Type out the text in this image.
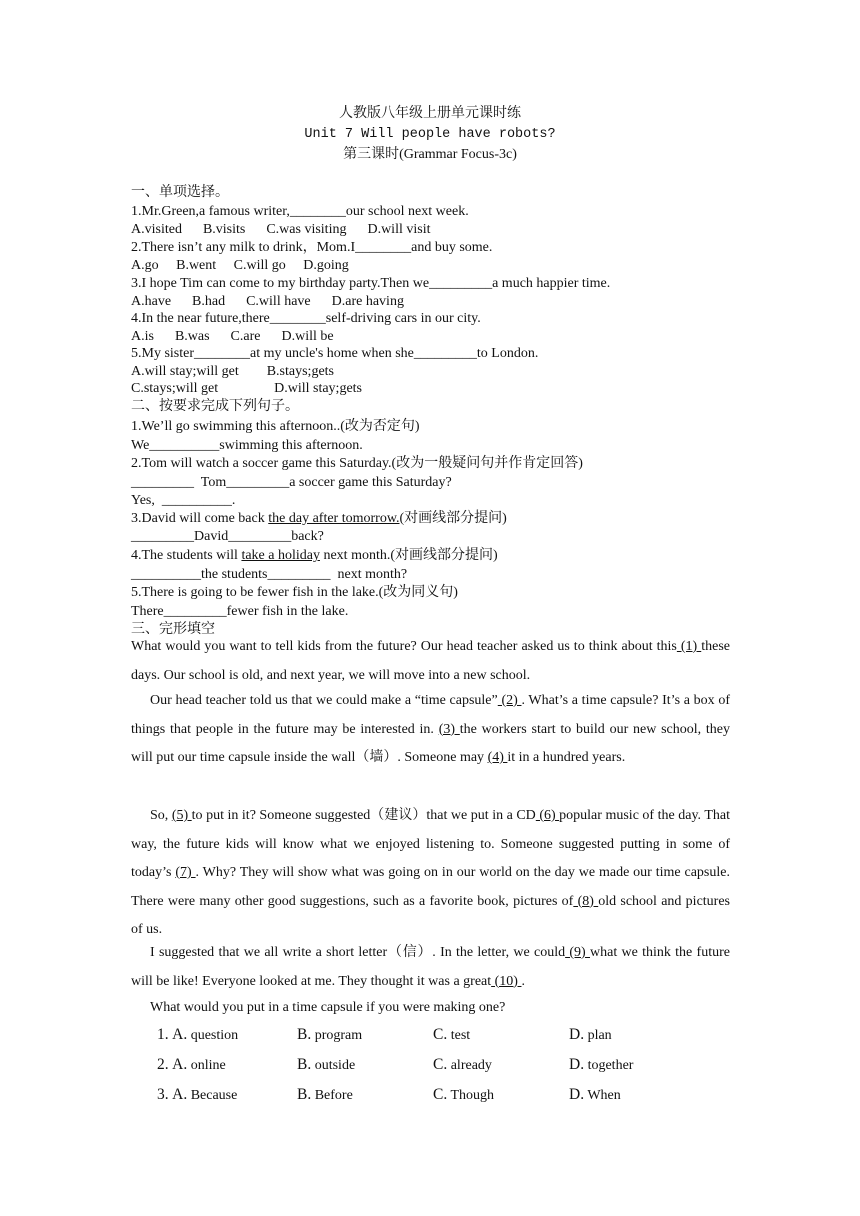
人教版八年级上册单元课时练
Unit 7 Will people have robots?
第三课时(Grammar Focus-3c)
一、单项选择。
1.Mr.Green,a famous writer,________our school next week.
A.visited      B.visits      C.was visiting      D.will visit
2.There isn’t any milk to drink，Mom.I________and buy some.
A.go     B.went     C.will go     D.going
3.I hope Tim can come to my birthday party.Then we_________a much happier time.
A.have      B.had      C.will have      D.are having
4.In the near future,there________self-driving cars in our city.
A.is      B.was      C.are      D.will be
5.My sister________at my uncle's home when she_________to London.
A.will stay;will get        B.stays;gets
C.stays;will get                D.will stay;gets
二、按要求完成下列句子。
1.We’ll go swimming this afternoon..(改为否定句)
We__________swimming this afternoon.
2.Tom will watch a soccer game this Saturday.(改为一般疑问句并作肯定回答)
_________  Tom_________a soccer game this Saturday?
Yes,  __________.
3.David will come back the day after tomorrow.(对画线部分提问)
_________David_________back?
4.The students will take a holiday next month.(对画线部分提问)
__________the students_________  next month?
5.There is going to be fewer fish in the lake.(改为同义句)
There_________fewer fish in the lake.
三、完形填空
What would you want to tell kids from the future? Our head teacher asked us to think about this (1) these days. Our school is old, and next year, we will move into a new school.
Our head teacher told us that we could make a “time capsule” (2) . What’s a time capsule? It’s a box of things that people in the future may be interested in. (3) the workers start to build our new school, they will put our time capsule inside the wall（墙）. Someone may (4) it in a hundred years.
So, (5) to put in it? Someone suggested（建议）that we put in a CD (6) popular music of the day. That way, the future kids will know what we enjoyed listening to. Someone suggested putting in some of today’s (7) . Why? They will show what was going on in our world on the day we made our time capsule. There were many other good suggestions, such as a favorite book, pictures of (8) old school and pictures of us.
I suggested that we all write a short letter（信）. In the letter, we could (9) what we think the future will be like! Everyone looked at me. They thought it was a great (10) .
What would you put in a time capsule if you were making one?
1. A. question	B. program	C. test	D. plan
2. A. online	B. outside	C. already	D. together
3. A. Because	B. Before	C. Though	D. When
